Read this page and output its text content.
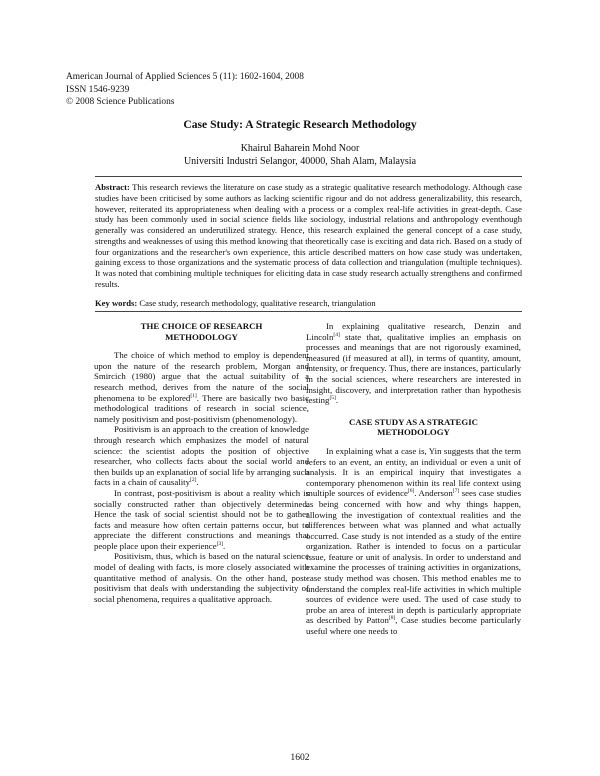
American Journal of Applied Sciences 5 (11): 1602-1604, 2008
ISSN 1546-9239
© 2008 Science Publications
Case Study: A Strategic Research Methodology
Khairul Baharein Mohd Noor
Universiti Industri Selangor, 40000, Shah Alam, Malaysia
Abstract: This research reviews the literature on case study as a strategic qualitative research methodology. Although case studies have been criticised by some authors as lacking scientific rigour and do not address generalizability, this research, however, reiterated its appropriateness when dealing with a process or a complex real-life activities in great-depth. Case study has been commonly used in social science fields like sociology, industrial relations and anthropology eventhough generally was considered an underutilized strategy. Hence, this research explained the general concept of a case study, strengths and weaknesses of using this method knowing that theoretically case is exciting and data rich. Based on a study of four organizations and the researcher's own experience, this article described matters on how case study was undertaken, gaining excess to those organizations and the systematic process of data collection and triangulation (multiple techniques). It was noted that combining multiple techniques for eliciting data in case study research actually strengthens and confirmed results.
Key words: Case study, research methodology, qualitative research, triangulation
THE CHOICE OF RESEARCH
METHODOLOGY

The choice of which method to employ is dependent upon the nature of the research problem, Morgan and Smircich (1980) argue that the actual suitability of a research method, derives from the nature of the social phenomena to be explored[1]. There are basically two basic methodological traditions of research in social science, namely positivism and post-positivism (phenomenology).

Positivism is an approach to the creation of knowledge through research which emphasizes the model of natural science: the scientist adopts the position of objective researcher, who collects facts about the social world and then builds up an explanation of social life by arranging such facts in a chain of causality[2].

In contrast, post-positivism is about a reality which is socially constructed rather than objectively determined. Hence the task of social scientist should not be to gather facts and measure how often certain patterns occur, but to appreciate the different constructions and meanings that people place upon their experience[3].

Positivism, thus, which is based on the natural science model of dealing with facts, is more closely associated with quantitative method of analysis. On the other hand, post-positivism that deals with understanding the subjectivity of social phenomena, requires a qualitative approach.

In explaining qualitative research, Denzin and Lincoln[4] state that, qualitative implies an emphasis on processes and meanings that are not rigorously examined, measured (if measured at all), in terms of quantity, amount, intensity, or frequency. Thus, there are instances, particularly in the social sciences, where researchers are interested in insight, discovery, and interpretation rather than hypothesis testing[5].

CASE STUDY AS A STRATEGIC
METHODOLOGY

In explaining what a case is, Yin suggests that the term refers to an event, an entity, an individual or even a unit of analysis. It is an empirical inquiry that investigates a contemporary phenomenon within its real life context using multiple sources of evidence[6]. Anderson[7] sees case studies as being concerned with how and why things happen, allowing the investigation of contextual realities and the differences between what was planned and what actually occurred. Case study is not intended as a study of the entire organization. Rather is intended to focus on a particular issue, feature or unit of analysis. In order to understand and examine the processes of training activities in organizations, case study method was chosen. This method enables me to understand the complex real-life activities in which multiple sources of evidence were used. The used of case study to probe an area of interest in depth is particularly appropriate as described by Patton[8], Case studies become particularly useful where one needs to

1602
